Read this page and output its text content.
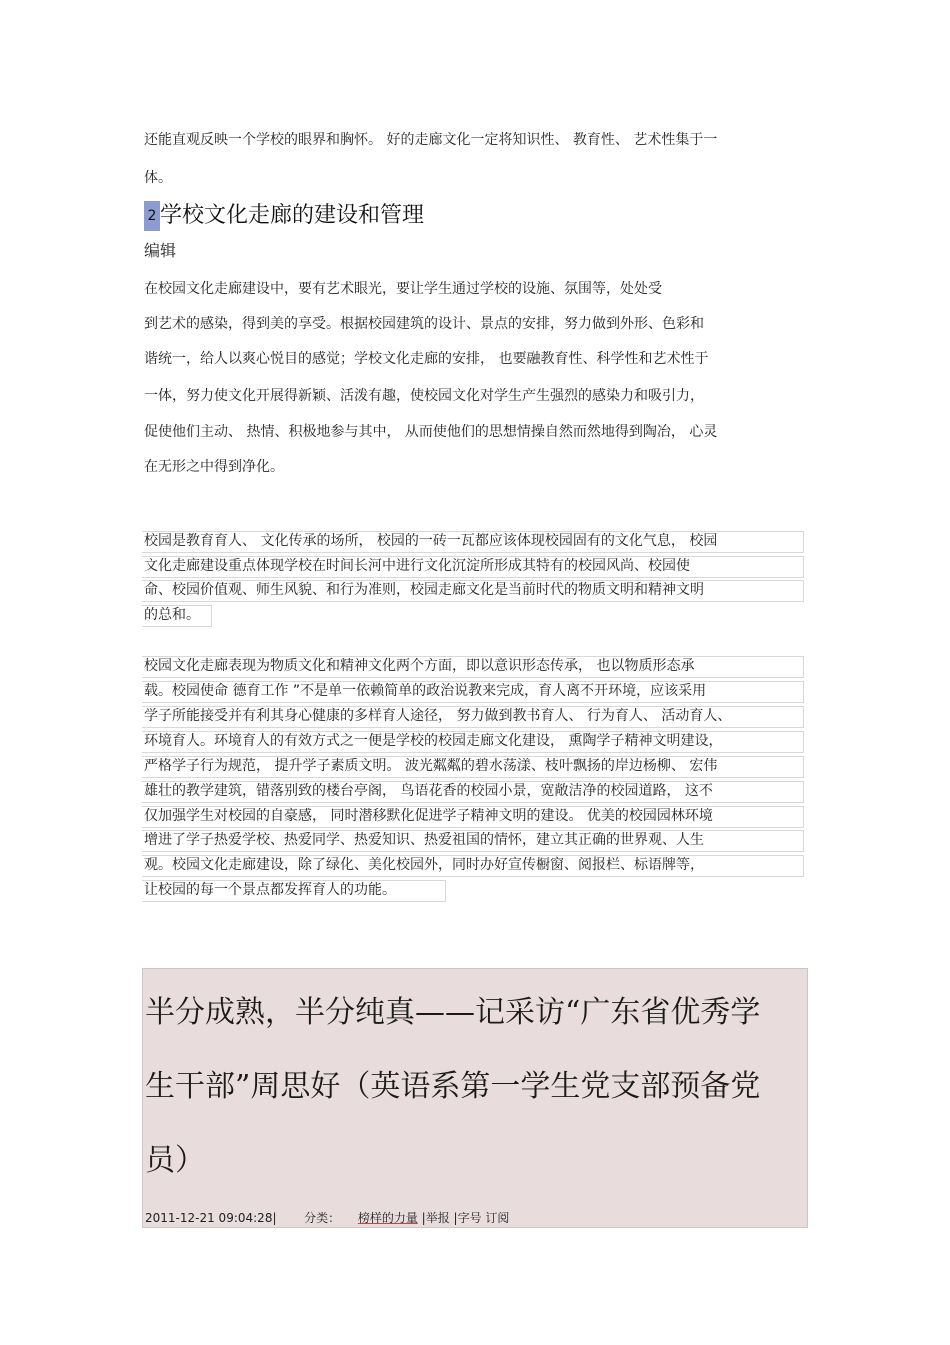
还能直观反映一个学校的眼界和胸怀。 好的走廊文化一定将知识性、 教育性、 艺术性集于一
体。
2 学校文化走廊的建设和管理
编辑
在校园文化走廊建设中，要有艺术眼光，要让学生通过学校的设施、氛围等，处处受
到艺术的感染，得到美的享受。根据校园建筑的设计、景点的安排，努力做到外形、色彩和
谐统一，给人以爽心悦目的感觉；学校文化走廊的安排， 也要融教育性、科学性和艺术性于
一体，努力使文化开展得新颖、活泼有趣，使校园文化对学生产生强烈的感染力和吸引力，
促使他们主动、 热情、积极地参与其中， 从而使他们的思想情操自然而然地得到陶冶， 心灵
在无形之中得到净化。
校园是教育育人、 文化传承的场所， 校园的一砖一瓦都应该体现校园固有的文化气息， 校园
文化走廊建设重点体现学校在时间长河中进行文化沉淀所形成其特有的校园风尚、校园使
命、校园价值观、师生风貌、和行为准则，校园走廊文化是当前时代的物质文明和精神文明
的总和。
校园文化走廊表现为物质文化和精神文化两个方面，即以意识形态传承， 也以物质形态承
载。校园使命 德育工作 ”不是单一依赖简单的政治说教来完成，育人离不开环境，应该采用
学子所能接受并有利其身心健康的多样育人途径， 努力做到教书育人、 行为育人、 活动育人、
环境育人。环境育人的有效方式之一便是学校的校园走廊文化建设， 熏陶学子精神文明建设，
严格学子行为规范， 提升学子素质文明。 波光粼粼的碧水荡漾、枝叶飘扬的岸边杨柳、 宏伟
雄壮的教学建筑，错落别致的楼台亭阁， 鸟语花香的校园小景，宽敞洁净的校园道路， 这不
仅加强学生对校园的自豪感， 同时潜移默化促进学子精神文明的建设。 优美的校园园林环境
增进了学子热爱学校、热爱同学、热爱知识、热爱祖国的情怀，建立其正确的世界观、人生
观。校园文化走廊建设，除了绿化、美化校园外，同时办好宣传橱窗、阅报栏、标语牌等，
让校园的每一个景点都发挥育人的功能。
半分成熟，半分纯真——记采访“广东省优秀学
生干部”周思好（英语系第一学生党支部预备党
员）
2011-12-21 09:04:28| 分类： 榜样的力量 |举报 |字号 订阅
